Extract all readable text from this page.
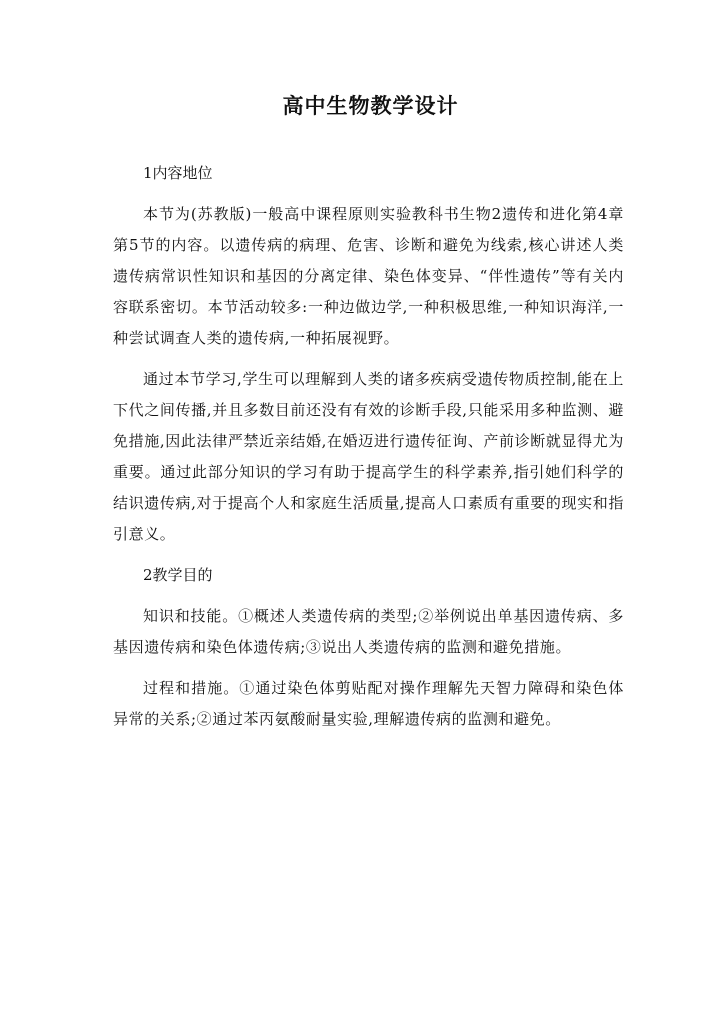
高中生物教学设计

1内容地位

本节为(苏教版)一般高中课程原则实验教科书生物2遗传和进化第4章第5节的内容。以遗传病的病理、危害、诊断和避免为线索,核心讲述人类遗传病常识性知识和基因的分离定律、染色体变异、“伴性遗传”等有关内容联系密切。本节活动较多:一种边做边学,一种积极思维,一种知识海洋,一种尝试调查人类的遗传病,一种拓展视野。

通过本节学习,学生可以理解到人类的诸多疾病受遗传物质控制,能在上下代之间传播,并且多数目前还没有有效的诊断手段,只能采用多种监测、避免措施,因此法律严禁近亲结婚,在婚迈进行遗传征询、产前诊断就显得尤为重要。通过此部分知识的学习有助于提高学生的科学素养,指引她们科学的结识遗传病,对于提高个人和家庭生活质量,提高人口素质有重要的现实和指引意义。

2教学目的

知识和技能。①概述人类遗传病的类型;②举例说出单基因遗传病、多基因遗传病和染色体遗传病;③说出人类遗传病的监测和避免措施。

过程和措施。①通过染色体剪贴配对操作理解先天智力障碍和染色体异常的关系;②通过苯丙氨酸耐量实验,理解遗传病的监测和避免。
